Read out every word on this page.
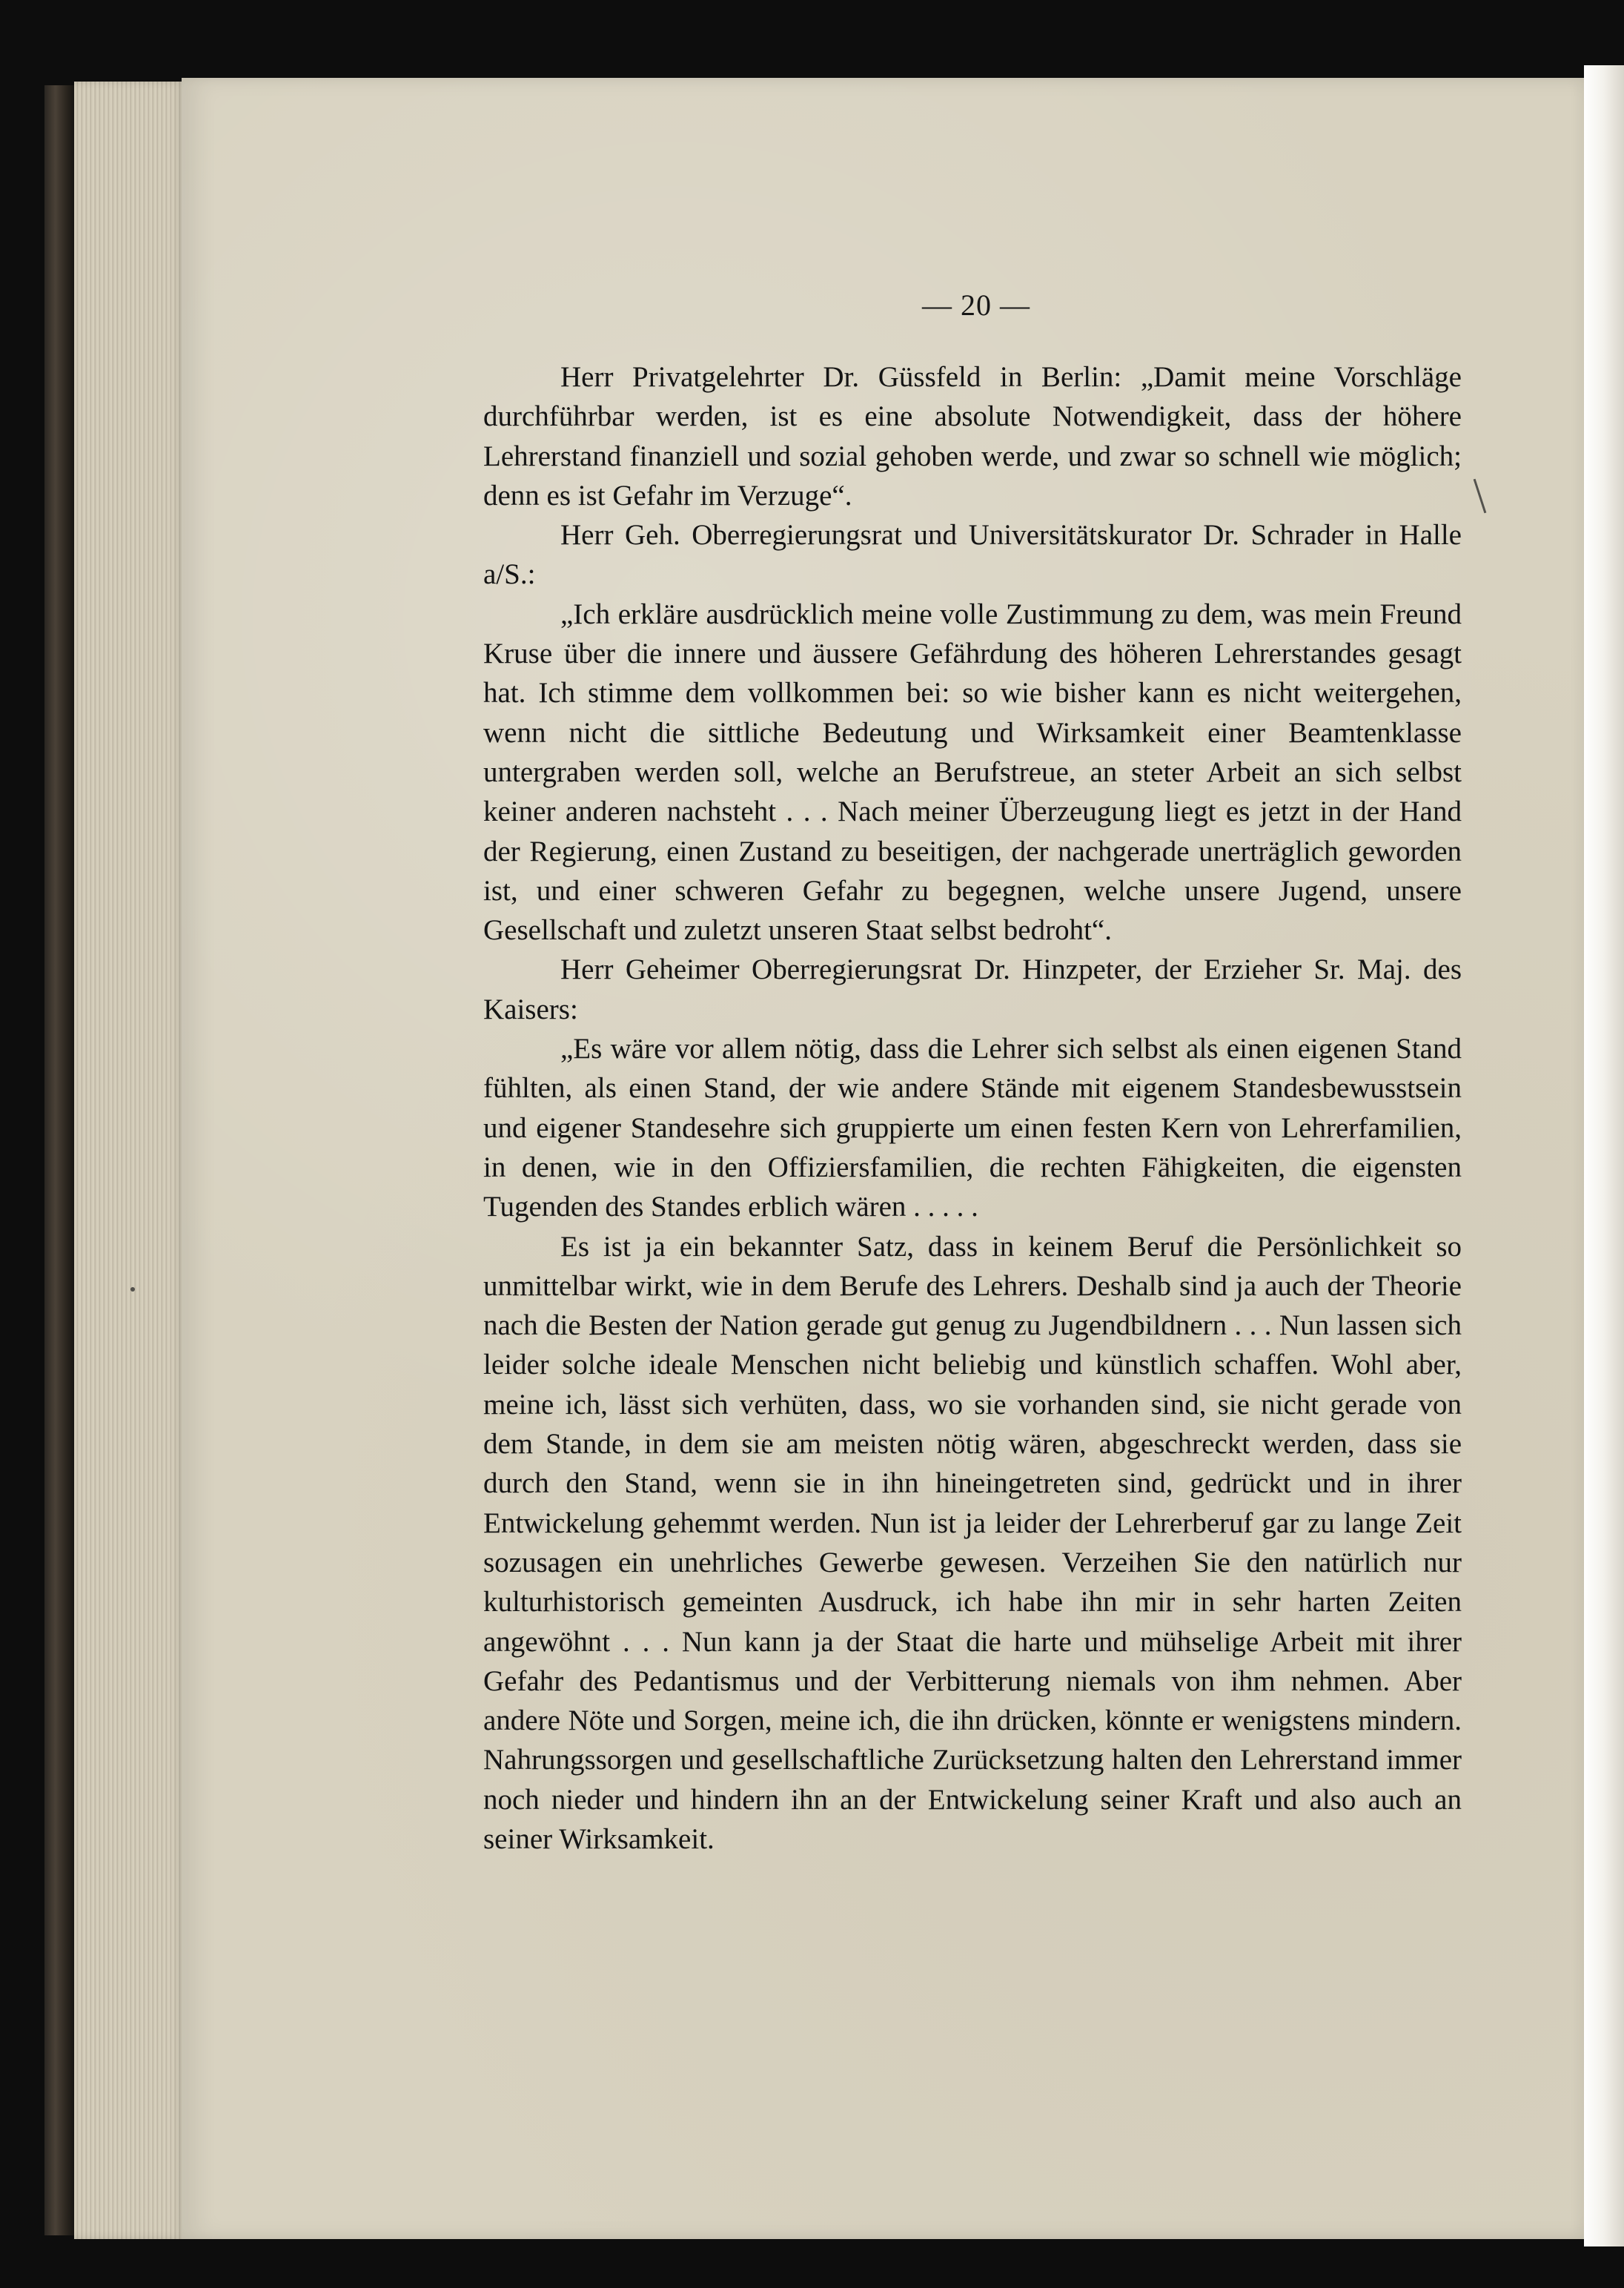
— 20 —

Herr Privatgelehrter Dr. Güssfeld in Berlin: „Damit meine Vorschläge durchführbar werden, ist es eine absolute Notwendigkeit, dass der höhere Lehrerstand finanziell und sozial gehoben werde, und zwar so schnell wie möglich; denn es ist Gefahr im Verzuge“.

Herr Geh. Oberregierungsrat und Universitätskurator Dr. Schrader in Halle a/S.:

„Ich erkläre ausdrücklich meine volle Zustimmung zu dem, was mein Freund Kruse über die innere und äussere Gefährdung des höheren Lehrerstandes gesagt hat. Ich stimme dem vollkommen bei: so wie bisher kann es nicht weitergehen, wenn nicht die sittliche Bedeutung und Wirksamkeit einer Beamtenklasse untergraben werden soll, welche an Berufstreue, an steter Arbeit an sich selbst keiner anderen nachsteht . . . Nach meiner Überzeugung liegt es jetzt in der Hand der Regierung, einen Zustand zu beseitigen, der nachgerade unerträglich geworden ist, und einer schweren Gefahr zu begegnen, welche unsere Jugend, unsere Gesellschaft und zuletzt unseren Staat selbst bedroht“.

Herr Geheimer Oberregierungsrat Dr. Hinzpeter, der Erzieher Sr. Maj. des Kaisers:

„Es wäre vor allem nötig, dass die Lehrer sich selbst als einen eigenen Stand fühlten, als einen Stand, der wie andere Stände mit eigenem Standesbewusstsein und eigener Standesehre sich gruppierte um einen festen Kern von Lehrerfamilien, in denen, wie in den Offiziersfamilien, die rechten Fähigkeiten, die eigensten Tugenden des Standes erblich wären . . . . .

Es ist ja ein bekannter Satz, dass in keinem Beruf die Persönlichkeit so unmittelbar wirkt, wie in dem Berufe des Lehrers. Deshalb sind ja auch der Theorie nach die Besten der Nation gerade gut genug zu Jugendbildnern . . . Nun lassen sich leider solche ideale Menschen nicht beliebig und künstlich schaffen. Wohl aber, meine ich, lässt sich verhüten, dass, wo sie vorhanden sind, sie nicht gerade von dem Stande, in dem sie am meisten nötig wären, abgeschreckt werden, dass sie durch den Stand, wenn sie in ihn hineingetreten sind, gedrückt und in ihrer Entwickelung gehemmt werden. Nun ist ja leider der Lehrerberuf gar zu lange Zeit sozusagen ein unehrliches Gewerbe gewesen. Verzeihen Sie den natürlich nur kulturhistorisch gemeinten Ausdruck, ich habe ihn mir in sehr harten Zeiten angewöhnt . . . Nun kann ja der Staat die harte und mühselige Arbeit mit ihrer Gefahr des Pedantismus und der Verbitterung niemals von ihm nehmen. Aber andere Nöte und Sorgen, meine ich, die ihn drücken, könnte er wenigstens mindern. Nahrungssorgen und gesellschaftliche Zurücksetzung halten den Lehrerstand immer noch nieder und hindern ihn an der Entwickelung seiner Kraft und also auch an seiner Wirksamkeit.
